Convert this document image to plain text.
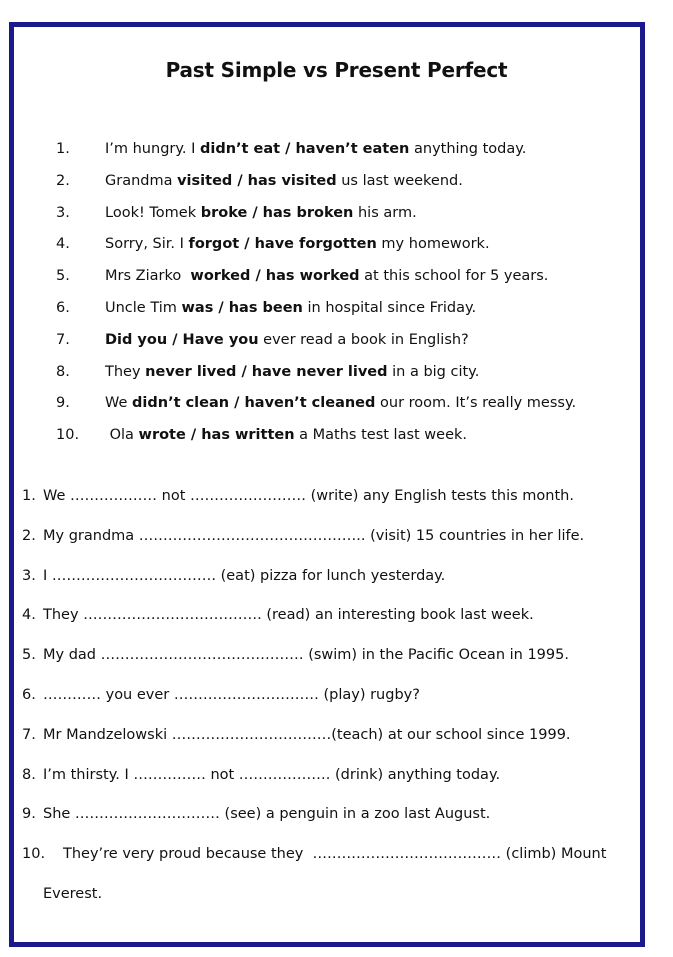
Past Simple vs Present Perfect
1. I’m hungry. I didn’t eat / haven’t eaten anything today.
2. Grandma visited / has visited us last weekend.
3. Look! Tomek broke / has broken his arm.
4. Sorry, Sir. I forgot / have forgotten my homework.
5. Mrs Ziarko  worked / has worked at this school for 5 years.
6. Uncle Tim was / has been in hospital since Friday.
7. Did you / Have you ever read a book in English?
8. They never lived / have never lived in a big city.
9. We didn’t clean / haven’t cleaned our room. It’s really messy.
10. Ola wrote / has written a Maths test last week.
1. We ……………… not …………………… (write) any English tests this month.
2. My grandma ……………………………………….. (visit) 15 countries in her life.
3. I ……………………………. (eat) pizza for lunch yesterday.
4. They ………………………………. (read) an interesting book last week.
5. My dad …………………………………… (swim) in the Pacific Ocean in 1995.
6. ………… you ever ………………………… (play) rugby?
7. Mr Mandzelowski ……………………………(teach) at our school since 1999.
8. I’m thirsty. I …………… not ………………. (drink) anything today.
9. She ………………………… (see) a penguin in a zoo last August.
10. They’re very proud because they  ………………………………… (climb) Mount
Everest.
